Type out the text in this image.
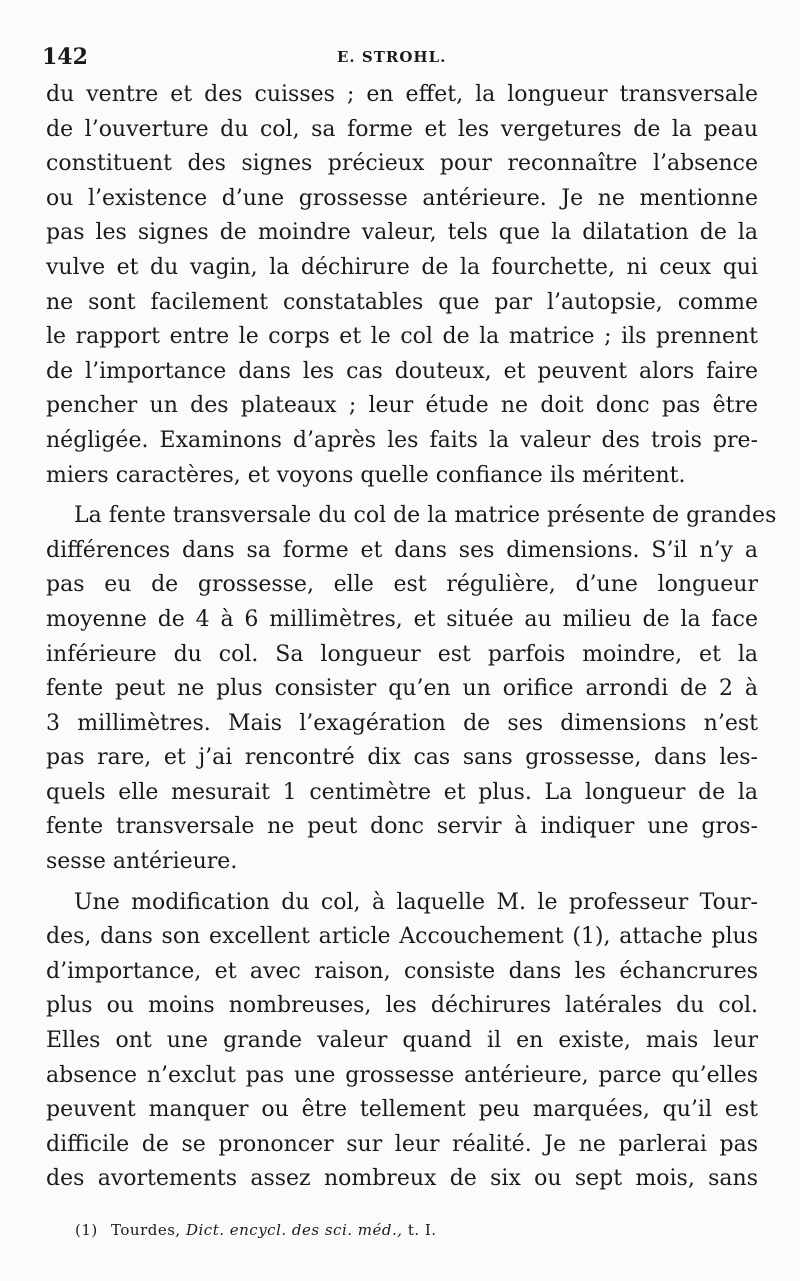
142	E. STROHL.
du ventre et des cuisses ; en effet, la longueur transversale
de l’ouverture du col, sa forme et les vergetures de la peau
constituent des signes précieux pour reconnaître l’absence
ou l’existence d’une grossesse antérieure. Je ne mentionne
pas les signes de moindre valeur, tels que la dilatation de la
vulve et du vagin, la déchirure de la fourchette, ni ceux qui
ne sont facilement constatables que par l’autopsie, comme
le rapport entre le corps et le col de la matrice ; ils prennent
de l’importance dans les cas douteux, et peuvent alors faire
pencher un des plateaux ; leur étude ne doit donc pas être
négligée. Examinons d’après les faits la valeur des trois pre-
miers caractères, et voyons quelle confiance ils méritent.
La fente transversale du col de la matrice présente de grandes
différences dans sa forme et dans ses dimensions. S’il n’y a
pas eu de grossesse, elle est régulière, d’une longueur
moyenne de 4 à 6 millimètres, et située au milieu de la face
inférieure du col. Sa longueur est parfois moindre, et la
fente peut ne plus consister qu’en un orifice arrondi de 2 à
3 millimètres. Mais l’exagération de ses dimensions n’est
pas rare, et j’ai rencontré dix cas sans grossesse, dans les-
quels elle mesurait 1 centimètre et plus. La longueur de la
fente transversale ne peut donc servir à indiquer une gros-
sesse antérieure.
Une modification du col, à laquelle M. le professeur Tour-
des, dans son excellent article Accouchement (1), attache plus
d’importance, et avec raison, consiste dans les échancrures
plus ou moins nombreuses, les déchirures latérales du col.
Elles ont une grande valeur quand il en existe, mais leur
absence n’exclut pas une grossesse antérieure, parce qu’elles
peuvent manquer ou être tellement peu marquées, qu’il est
difficile de se prononcer sur leur réalité. Je ne parlerai pas
des avortements assez nombreux de six ou sept mois, sans
(1) Tourdes, Dict. encycl. des sci. méd., t. I.
